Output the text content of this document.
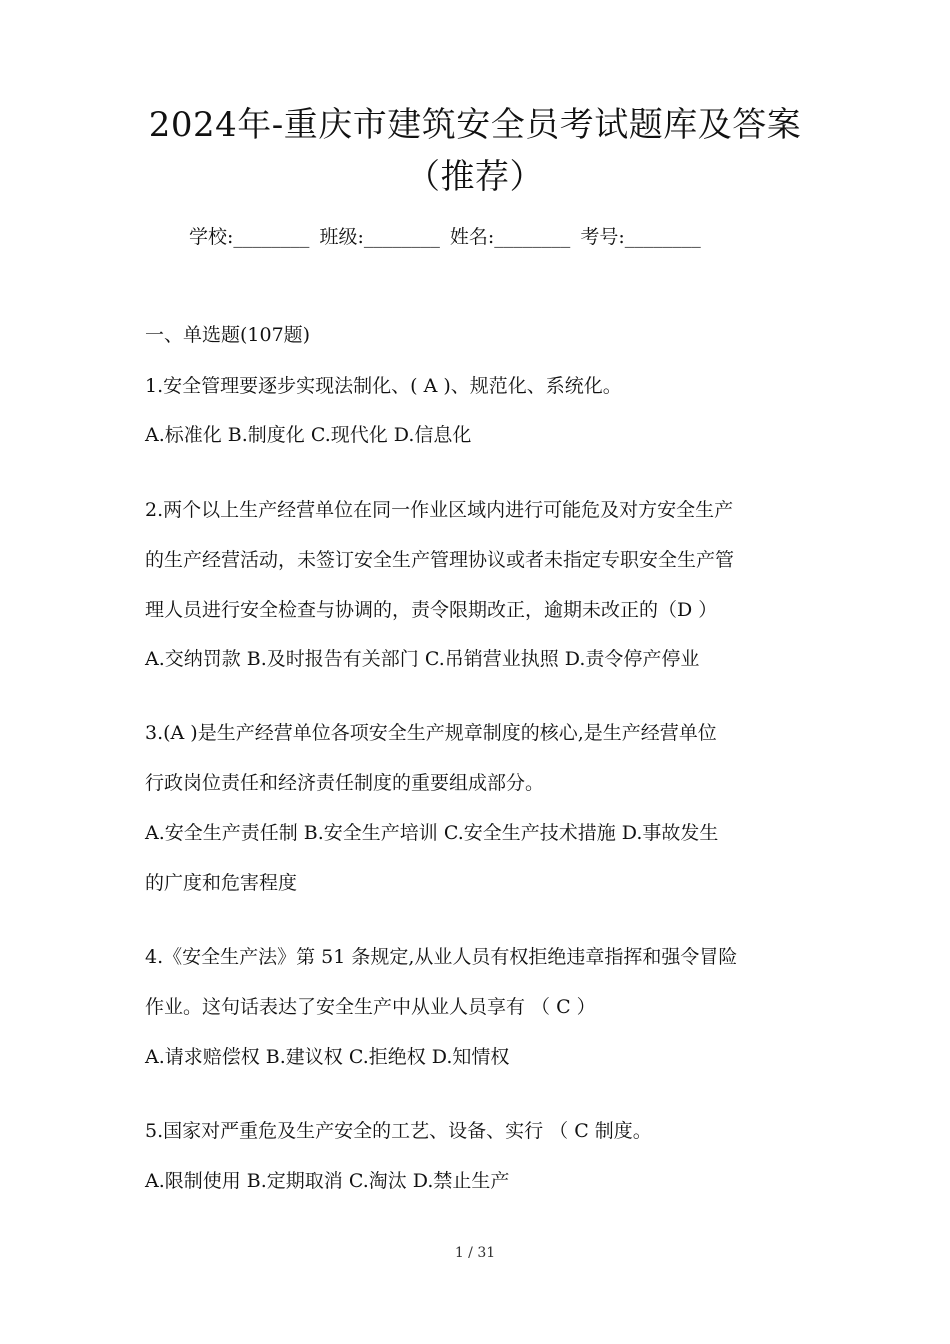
2024年-重庆市建筑安全员考试题库及答案
（推荐）
学校:________ 班级:________ 姓名:________ 考号:________
一、单选题(107题)
1.安全管理要逐步实现法制化、( A )、规范化、系统化。
A.标准化 B.制度化 C.现代化 D.信息化
2.两个以上生产经营单位在同一作业区域内进行可能危及对方安全生产
的生产经营活动，未签订安全生产管理协议或者未指定专职安全生产管
理人员进行安全检查与协调的，责令限期改正，逾期未改正的（D ）
A.交纳罚款 B.及时报告有关部门 C.吊销营业执照 D.责令停产停业
3.(A )是生产经营单位各项安全生产规章制度的核心,是生产经营单位
行政岗位责任和经济责任制度的重要组成部分。
A.安全生产责任制 B.安全生产培训 C.安全生产技术措施 D.事故发生
的广度和危害程度
4.《安全生产法》第 51 条规定,从业人员有权拒绝违章指挥和强令冒险
作业。这句话表达了安全生产中从业人员享有 （ C ）
A.请求赔偿权 B.建议权 C.拒绝权 D.知情权
5.国家对严重危及生产安全的工艺、设备、实行 （ C 制度。
A.限制使用 B.定期取消 C.淘汰 D.禁止生产
1 / 31
